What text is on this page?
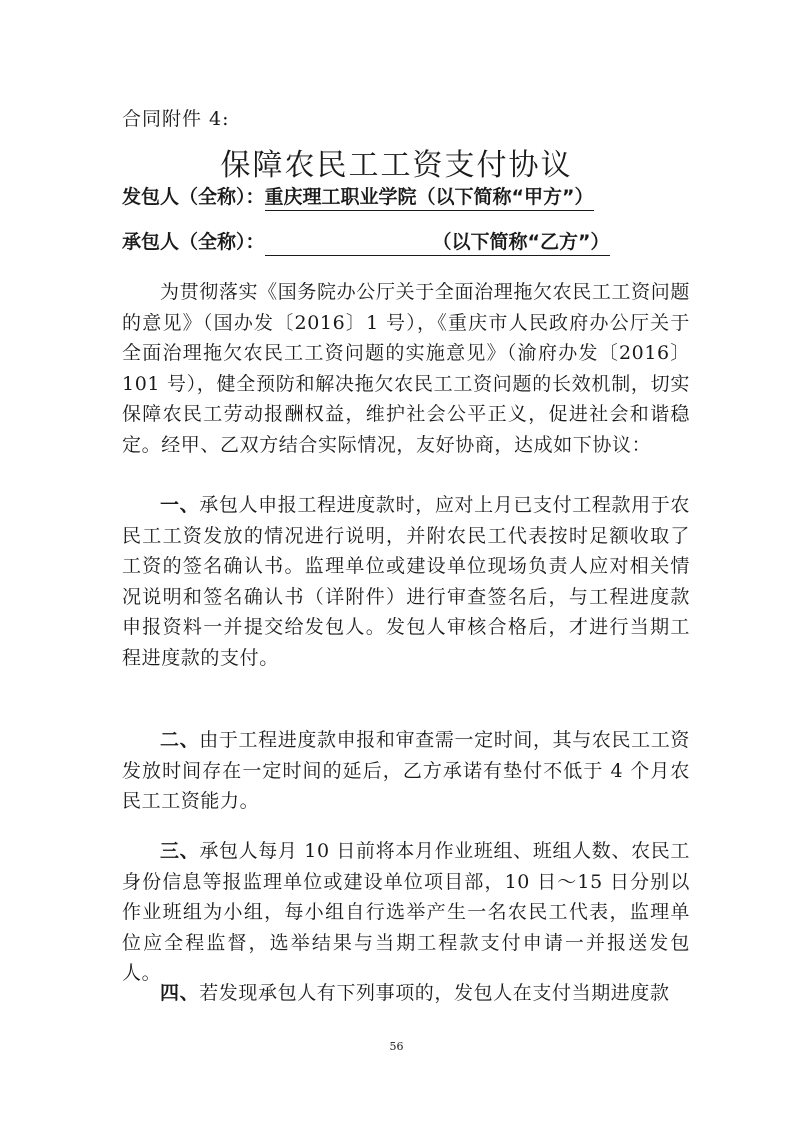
合同附件 4:
保障农民工工资支付协议
发包人（全称）：重庆理工职业学院（以下简称“甲方”）
承包人（全称）：	（以下简称“乙方”）
为贯彻落实《国务院办公厅关于全面治理拖欠农民工工资问题的意见》（国办发〔2016〕1 号），《重庆市人民政府办公厅关于全面治理拖欠农民工工资问题的实施意见》（渝府办发〔2016〕101 号），健全预防和解决拖欠农民工工资问题的长效机制，切实保障农民工劳动报酬权益，维护社会公平正义，促进社会和谐稳定。经甲、乙双方结合实际情况，友好协商，达成如下协议：
一、承包人申报工程进度款时，应对上月已支付工程款用于农民工工资发放的情况进行说明，并附农民工代表按时足额收取了工资的签名确认书。监理单位或建设单位现场负责人应对相关情况说明和签名确认书（详附件）进行审查签名后，与工程进度款申报资料一并提交给发包人。发包人审核合格后，才进行当期工程进度款的支付。
二、由于工程进度款申报和审查需一定时间，其与农民工工资发放时间存在一定时间的延后，乙方承诺有垫付不低于 4 个月农民工工资能力。
三、承包人每月 10 日前将本月作业班组、班组人数、农民工身份信息等报监理单位或建设单位项目部，10 日～15 日分别以作业班组为小组，每小组自行选举产生一名农民工代表，监理单位应全程监督，选举结果与当期工程款支付申请一并报送发包人。
四、若发现承包人有下列事项的，发包人在支付当期进度款
56
